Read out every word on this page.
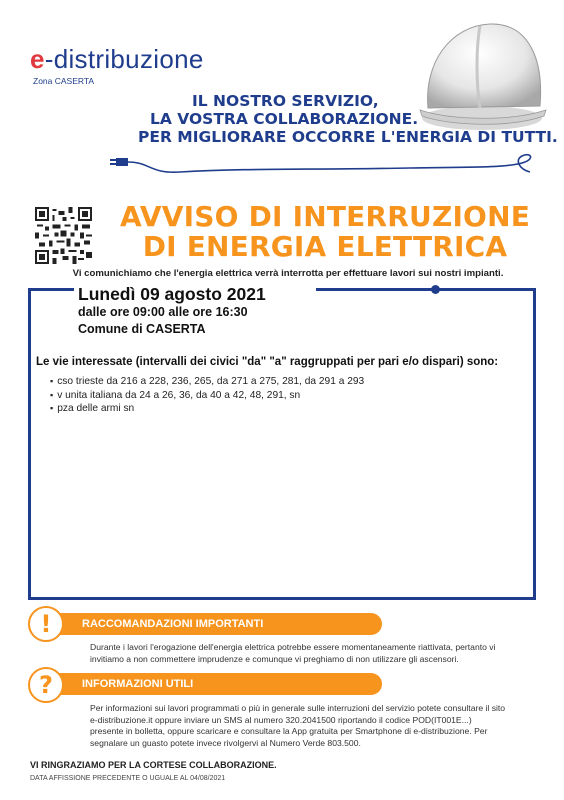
e-distribuzione
Zona CASERTA
IL NOSTRO SERVIZIO,
LA VOSTRA COLLABORAZIONE.
PER MIGLIORARE OCCORRE L'ENERGIA DI TUTTI.
AVVISO DI INTERRUZIONE
DI ENERGIA ELETTRICA
Vi comunichiamo che l'energia elettrica verrà interrotta per effettuare lavori sui nostri impianti.
Lunedì 09 agosto 2021
dalle ore 09:00 alle ore 16:30
Comune di CASERTA
Le vie interessate (intervalli dei civici "da" "a" raggruppati per pari e/o dispari) sono:
▪ cso trieste da 216 a 228, 236, 265, da 271 a 275, 281, da 291 a 293
▪ v unita italiana da 24 a 26, 36, da 40 a 42, 48, 291, sn
▪ pza delle armi sn
!	RACCOMANDAZIONI IMPORTANTI
Durante i lavori l'erogazione dell'energia elettrica potrebbe essere momentaneamente riattivata, pertanto vi
invitiamo a non commettere imprudenze e comunque vi preghiamo di non utilizzare gli ascensori.
?	INFORMAZIONI UTILI
Per informazioni sui lavori programmati o più in generale sulle interruzioni del servizio potete consultare il sito
e-distribuzione.it oppure inviare un SMS al numero 320.2041500 riportando il codice POD(IT001E...)
presente in bolletta, oppure scaricare e consultare la App gratuita per Smartphone di e-distribuzione. Per
segnalare un guasto potete invece rivolgervi al Numero Verde 803.500.
VI RINGRAZIAMO PER LA CORTESE COLLABORAZIONE.
DATA AFFISSIONE PRECEDENTE O UGUALE AL 04/08/2021
